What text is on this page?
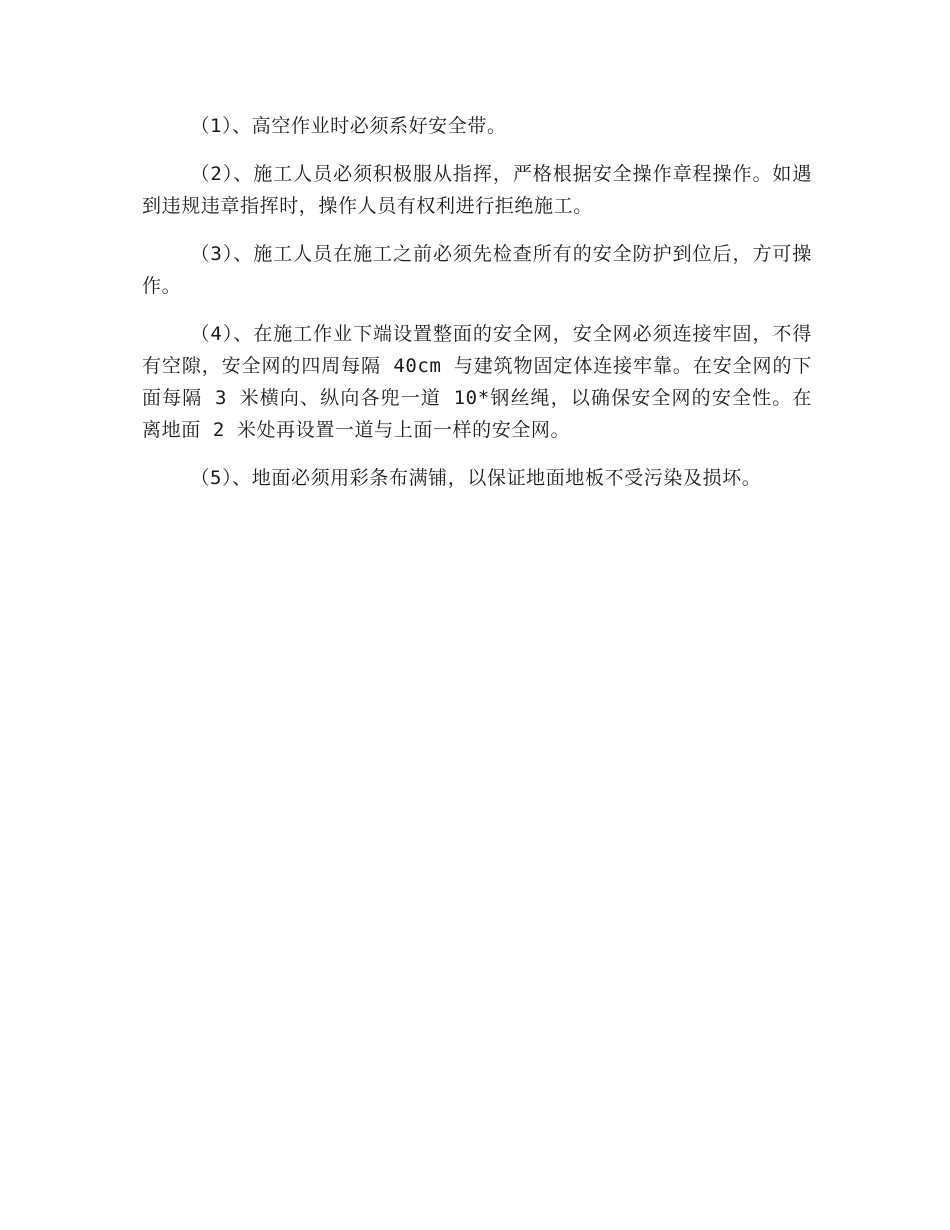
（1）、高空作业时必须系好安全带。

（2）、施工人员必须积极服从指挥，严格根据安全操作章程操作。如遇到违规违章指挥时，操作人员有权利进行拒绝施工。

（3）、施工人员在施工之前必须先检查所有的安全防护到位后，方可操作。

（4）、在施工作业下端设置整面的安全网，安全网必须连接牢固，不得有空隙，安全网的四周每隔 40cm 与建筑物固定体连接牢靠。在安全网的下面每隔 3 米横向、纵向各兜一道 10*钢丝绳，以确保安全网的安全性。在离地面 2 米处再设置一道与上面一样的安全网。

（5）、地面必须用彩条布满铺，以保证地面地板不受污染及损坏。
